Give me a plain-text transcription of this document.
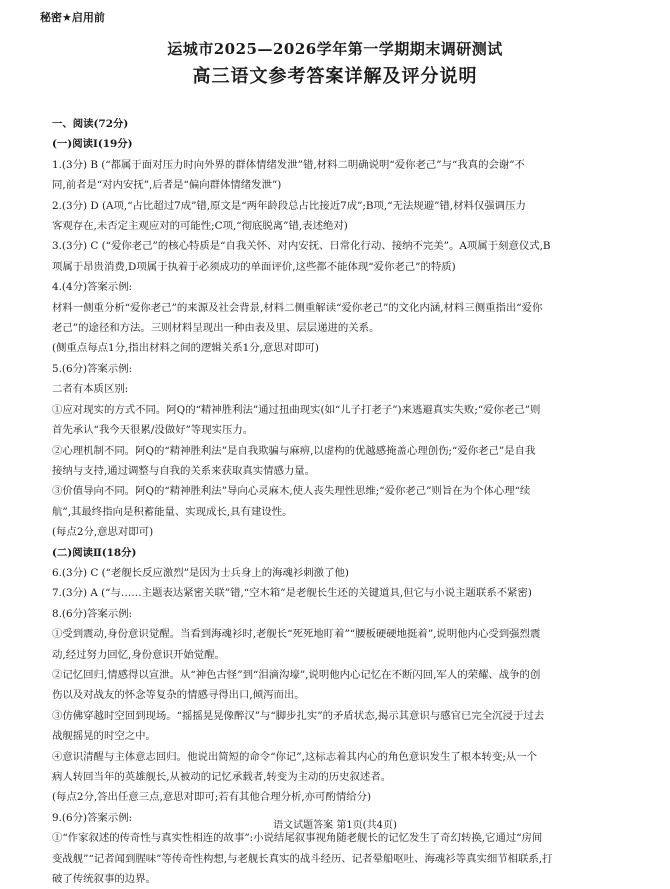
秘密★启用前
运城市2025—2026学年第一学期期末调研测试
高三语文参考答案详解及评分说明
一、阅读(72分)
(一)阅读Ⅰ(19分)
1.(3分) B (“都属于面对压力时向外界的群体情绪发泄”错,材料二明确说明“爱你老己”与“我真的会谢”不
同,前者是“对内安抚”,后者是“偏向群体情绪发泄”)
2.(3分) D (A项,“占比超过7成”错,原文是“两年龄段总占比接近7成”;B项,“无法规避”错,材料仅强调压力
客观存在,未否定主观应对的可能性;C项,“彻底脱离”错,表述绝对)
3.(3分) C (“爱你老己”的核心特质是“自我关怀、对内安抚、日常化行动、接纳不完美”。A项属于刻意仪式,B
项属于昂贵消费,D项属于执着于必须成功的单面评价,这些都不能体现“爱你老己”的特质)
4.(4分)答案示例:
材料一侧重分析“爱你老己”的来源及社会背景,材料二侧重解读“爱你老己”的文化内涵,材料三侧重指出“爱你
老己”的途径和方法。三则材料呈现出一种由表及里、层层递进的关系。
(侧重点每点1分,指出材料之间的逻辑关系1分,意思对即可)
5.(6分)答案示例:
二者有本质区别:
①应对现实的方式不同。阿Q的“精神胜利法”通过扭曲现实(如“儿子打老子”)来逃避真实失败;“爱你老己”则
首先承认“我今天很累/没做好”等现实压力。
②心理机制不同。阿Q的“精神胜利法”是自我欺骗与麻痹,以虚构的优越感掩盖心理创伤;“爱你老己”是自我
接纳与支持,通过调整与自我的关系来获取真实情感力量。
③价值导向不同。阿Q的“精神胜利法”导向心灵麻木,使人丧失理性思维;“爱你老己”则旨在为个体心理“续
航”,其最终指向是积蓄能量、实现成长,具有建设性。
(每点2分,意思对即可)
(二)阅读Ⅱ(18分)
6.(3分) C (“老舰长反应激烈”是因为士兵身上的海魂衫刺激了他)
7.(3分) A (“与……主题表达紧密关联”错,“空木箱”是老舰长生还的关键道具,但它与小说主题联系不紧密)
8.(6分)答案示例:
①受到震动,身份意识觉醒。当看到海魂衫时,老舰长“死死地盯着”“腰板硬硬地挺着”,说明他内心受到强烈震
动,经过努力回忆,身份意识开始觉醒。
②记忆回归,情感得以宣泄。从“神色古怪”到“泪滴沟壕”,说明他内心记忆在不断闪回,军人的荣耀、战争的创
伤以及对战友的怀念等复杂的情感寻得出口,倾泻而出。
③仿佛穿越时空回到现场。“摇摇晃晃像醉汉”与“脚步扎实”的矛盾状态,揭示其意识与感官已完全沉浸于过去
战舰摇晃的时空之中。
④意识清醒与主体意志回归。他说出简短的命令“你记”,这标志着其内心的角色意识发生了根本转变;从一个
病人转回当年的英雄舰长,从被动的记忆承载者,转变为主动的历史叙述者。
(每点2分,答出任意三点,意思对即可;若有其他合理分析,亦可酌情给分)
9.(6分)答案示例:
①“作家叙述的传奇性与真实性相连的故事”:小说结尾叙事视角随老舰长的记忆发生了奇幻转换,它通过“房间
变战舰”“记者闻到腥味”等传奇性构想,与老舰长真实的战斗经历、记者晕船呕吐、海魂衫等真实细节相联系,打
破了传统叙事的边界。
语文试题答案 第1页(共4页)
